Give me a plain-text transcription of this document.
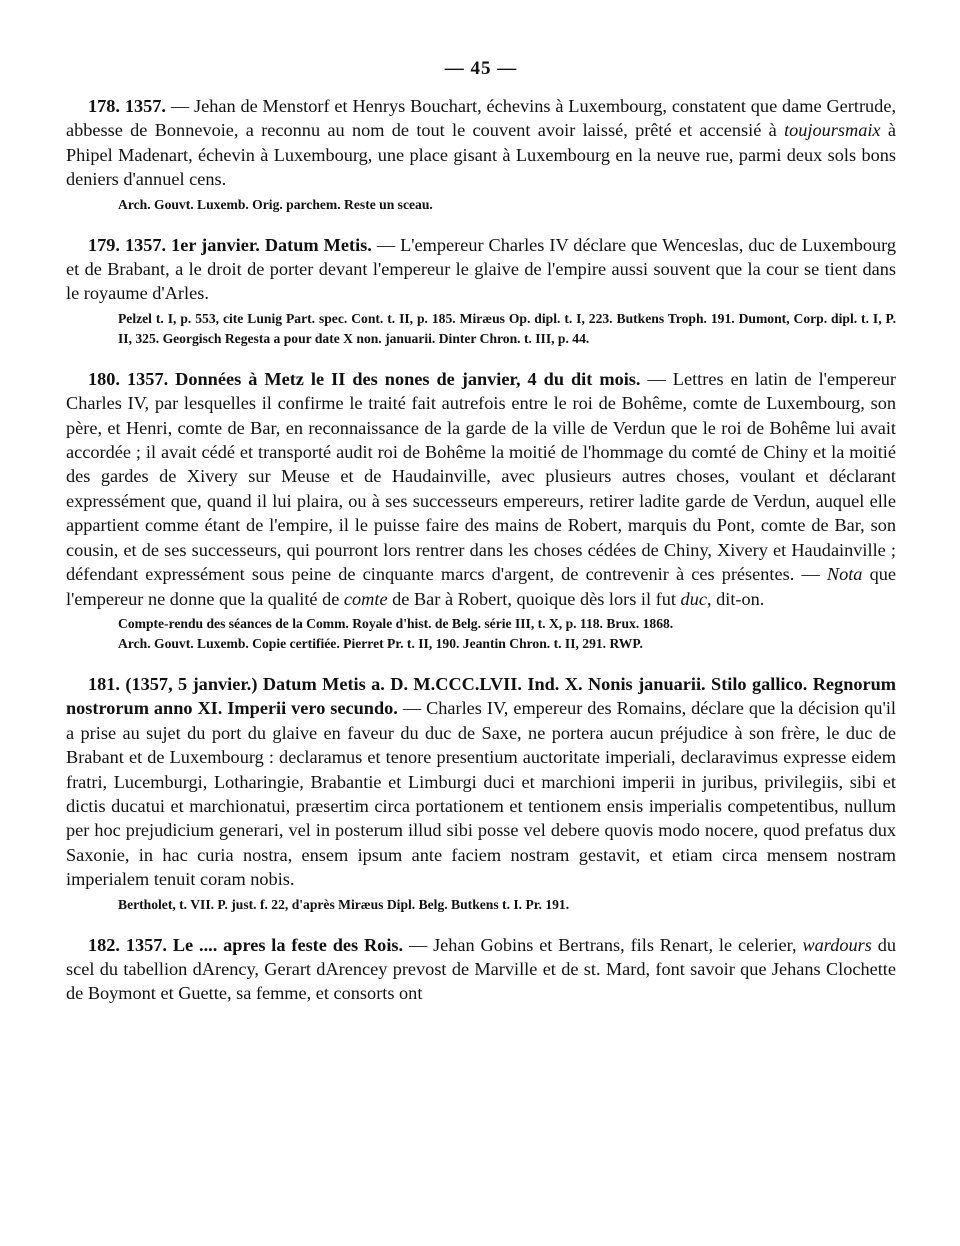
— 45 —

178. 1357. — Jehan de Menstorf et Henrys Bouchart, échevins à Luxembourg, constatent que dame Gertrude, abbesse de Bonnevoie, a reconnu au nom de tout le couvent avoir laissé, prêté et accensié à toujoursmaix à Phipel Madenart, échevin à Luxembourg, une place gisant à Luxembourg en la neuve rue, parmi deux sols bons deniers d'annuel cens.

Arch. Gouvt. Luxemb. Orig. parchem. Reste un sceau.

179. 1357. 1er janvier. Datum Metis. — L'empereur Charles IV déclare que Wenceslas, duc de Luxembourg et de Brabant, a le droit de porter devant l'empereur le glaive de l'empire aussi souvent que la cour se tient dans le royaume d'Arles.

Pelzel t. I, p. 553, cite Lunig Part. spec. Cont. t. II, p. 185. Miræus Op. dipl. t. I, 223. Butkens Troph. 191. Dumont, Corp. dipl. t. I, P. II, 325. Georgisch Regesta a pour date X non. januarii. Dinter Chron. t. III, p. 44.

180. 1357. Données à Metz le II des nones de janvier, 4 du dit mois. — Lettres en latin de l'empereur Charles IV, par lesquelles il confirme le traité fait autrefois entre le roi de Bohême, comte de Luxembourg, son père, et Henri, comte de Bar, en reconnaissance de la garde de la ville de Verdun que le roi de Bohême lui avait accordée ; il avait cédé et transporté audit roi de Bohême la moitié de l'hommage du comté de Chiny et la moitié des gardes de Xivery sur Meuse et de Haudainville, avec plusieurs autres choses, voulant et déclarant expressément que, quand il lui plaira, ou à ses successeurs empereurs, retirer ladite garde de Verdun, auquel elle appartient comme étant de l'empire, il le puisse faire des mains de Robert, marquis du Pont, comte de Bar, son cousin, et de ses successeurs, qui pourront lors rentrer dans les choses cédées de Chiny, Xivery et Haudainville ; défendant expressément sous peine de cinquante marcs d'argent, de contrevenir à ces présentes. — Nota que l'empereur ne donne que la qualité de comte de Bar à Robert, quoique dès lors il fut duc, dit-on.

Compte-rendu des séances de la Comm. Royale d'hist. de Belg. série III, t. X, p. 118. Brux. 1868.
Arch. Gouvt. Luxemb. Copie certifiée. Pierret Pr. t. II, 190. Jeantin Chron. t. II, 291. RWP.

181. (1357, 5 janvier.) Datum Metis a. D. M.CCC.LVII. Ind. X. Nonis januarii. Stilo gallico. Regnorum nostrorum anno XI. Imperii vero secundo. — Charles IV, empereur des Romains, déclare que la décision qu'il a prise au sujet du port du glaive en faveur du duc de Saxe, ne portera aucun préjudice à son frère, le duc de Brabant et de Luxembourg : declaramus et tenore presentium auctoritate imperiali, declaravimus expresse eidem fratri, Lucemburgi, Lotharingie, Brabantie et Limburgi duci et marchioni imperii in juribus, privilegiis, sibi et dictis ducatui et marchionatui, præsertim circa portationem et tentionem ensis imperialis competentibus, nullum per hoc prejudicium generari, vel in posterum illud sibi posse vel debere quovis modo nocere, quod prefatus dux Saxonie, in hac curia nostra, ensem ipsum ante faciem nostram gestavit, et etiam circa mensem nostram imperialem tenuit coram nobis.

Bertholet, t. VII. P. just. f. 22, d'après Miræus Dipl. Belg. Butkens t. I. Pr. 191.

182. 1357. Le .... apres la feste des Rois. — Jehan Gobins et Bertrans, fils Renart, le celerier, wardours du scel du tabellion dArency, Gerart dArencey prevost de Marville et de st. Mard, font savoir que Jehans Clochette de Boymont et Guette, sa femme, et consorts ont
